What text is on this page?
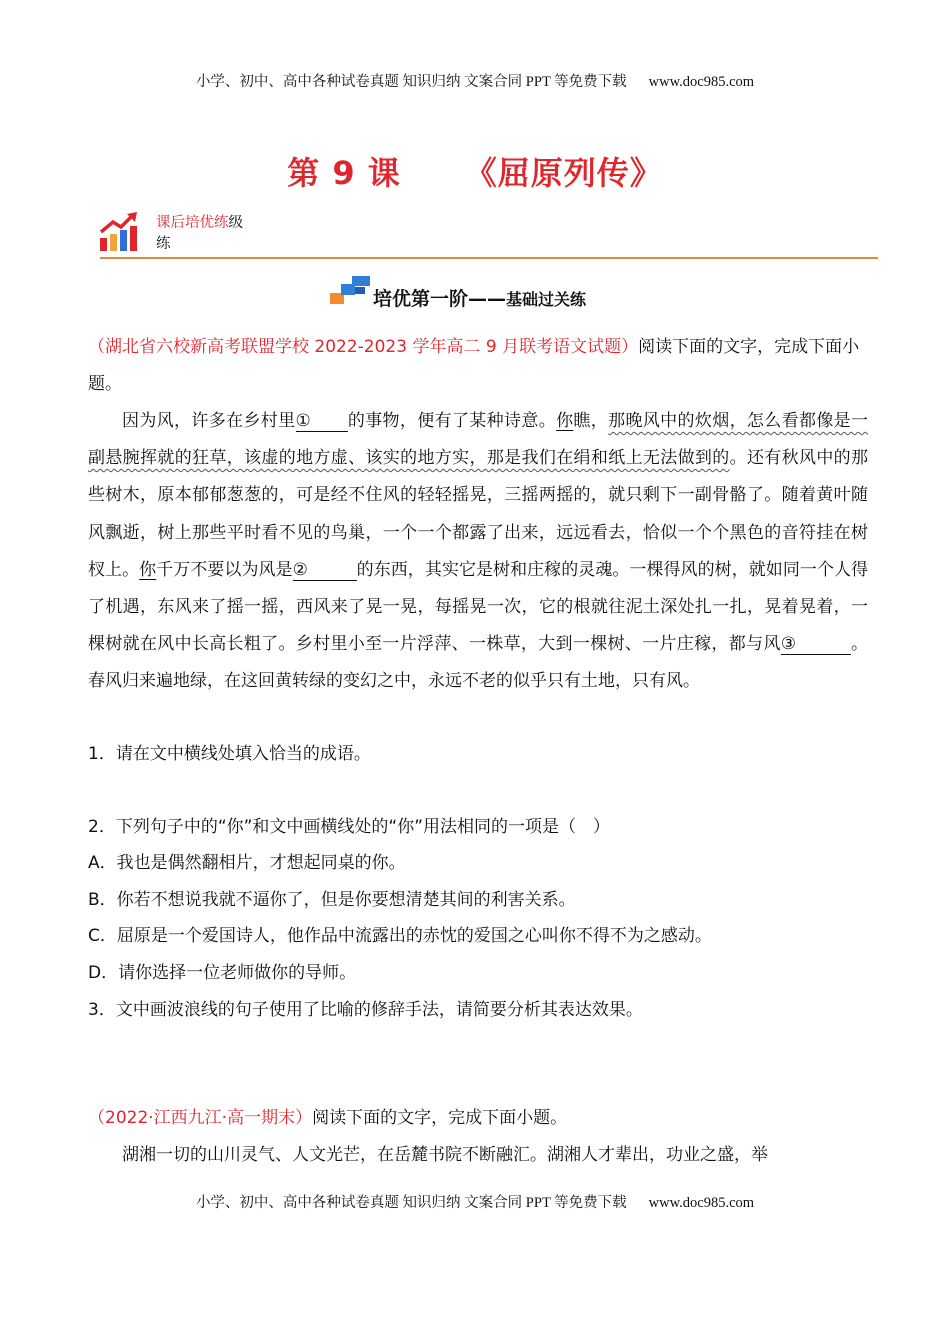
小学、初中、高中各种试卷真题 知识归纳 文案合同 PPT 等免费下载 www.doc985.com
第 9 课 《屈原列传》
课后培优练级
练
培优第一阶——基础过关练
（湖北省六校新高考联盟学校 2022-2023 学年高二 9 月联考语文试题）阅读下面的文字，完成下面小题。
因为风，许多在乡村里① 的事物，便有了某种诗意。你瞧，那晚风中的炊烟，怎么看都像是一副悬腕挥就的狂草，该虚的地方虚、该实的地方实，那是我们在绢和纸上无法做到的。还有秋风中的那些树木，原本郁郁葱葱的，可是经不住风的轻轻摇晃，三摇两摇的，就只剩下一副骨骼了。随着黄叶随风飘逝，树上那些平时看不见的鸟巢，一个一个都露了出来，远远看去，恰似一个个黑色的音符挂在树杈上。你千万不要以为风是②	的东西，其实它是树和庄稼的灵魂。一棵得风的树，就如同一个人得了机遇，东风来了摇一摇，西风来了晃一晃，每摇晃一次，它的根就往泥土深处扎一扎，晃着晃着，一棵树就在风中长高长粗了。乡村里小至一片浮萍、一株草，大到一棵树、一片庄稼，都与风③	。春风归来遍地绿，在这回黄转绿的变幻之中，永远不老的似乎只有土地，只有风。
1．请在文中横线处填入恰当的成语。
2．下列句子中的“你”和文中画横线处的“你”用法相同的一项是（　）
A．我也是偶然翻相片，才想起同桌的你。
B．你若不想说我就不逼你了，但是你要想清楚其间的利害关系。
C．屈原是一个爱国诗人，他作品中流露出的赤忱的爱国之心叫你不得不为之感动。
D．请你选择一位老师做你的导师。
3．文中画波浪线的句子使用了比喻的修辞手法，请简要分析其表达效果。
（2022·江西九江·高一期末）阅读下面的文字，完成下面小题。
湖湘一切的山川灵气、人文光芒，在岳麓书院不断融汇。湖湘人才辈出，功业之盛，举
小学、初中、高中各种试卷真题 知识归纳 文案合同 PPT 等免费下载 www.doc985.com
